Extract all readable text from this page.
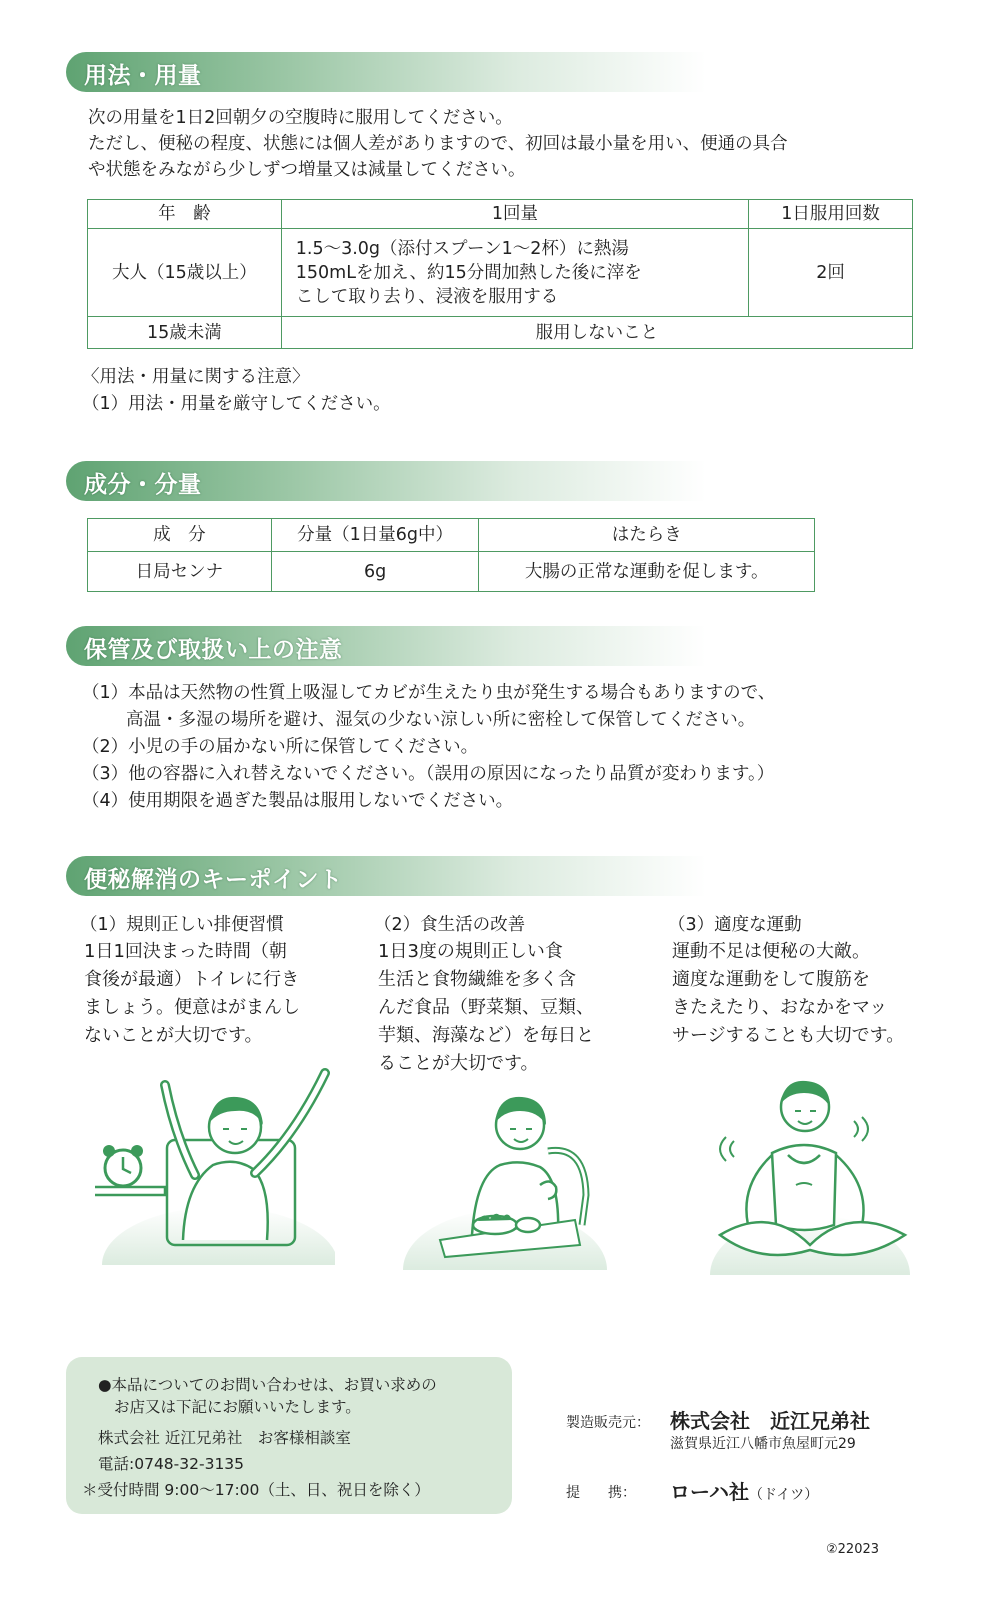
用法・用量
次の用量を1日2回朝夕の空腹時に服用してください。
ただし、便秘の程度、状態には個人差がありますので、初回は最小量を用い、便通の具合
や状態をみながら少しずつ増量又は減量してください。
年　齢	1回量	1日服用回数
大人（15歳以上）	1.5～3.0g（添付スプーン1～2杯）に熱湯
150mLを加え、約15分間加熱した後に滓を
こして取り去り、浸液を服用する	2回
15歳未満	服用しないこと	
〈用法・用量に関する注意〉
（1）用法・用量を厳守してください。
成分・分量
成　分	分量（1日量6g中）	はたらき
日局センナ	6g	大腸の正常な運動を促します。
保管及び取扱い上の注意
（1）本品は天然物の性質上吸湿してカビが生えたり虫が発生する場合もありますので、
高温・多湿の場所を避け、湿気の少ない涼しい所に密栓して保管してください。
（2）小児の手の届かない所に保管してください。
（3）他の容器に入れ替えないでください。（誤用の原因になったり品質が変わります。）
（4）使用期限を過ぎた製品は服用しないでください。
便秘解消のキーポイント
（1）規則正しい排便習慣
1日1回決まった時間（朝
食後が最適）トイレに行き
ましょう。便意はがまんし
ないことが大切です。
（2）食生活の改善
1日3度の規則正しい食
生活と食物繊維を多く含
んだ食品（野菜類、豆類、
芋類、海藻など）を毎日と
ることが大切です。
（3）適度な運動
運動不足は便秘の大敵。
適度な運動をして腹筋を
きたえたり、おなかをマッ
サージすることも大切です。
●本品についてのお問い合わせは、お買い求めの
お店又は下記にお願いいたします。
株式会社 近江兄弟社　お客様相談室
電話:0748-32-3135
＊受付時間 9:00～17:00（土、日、祝日を除く）
製造販売元： 株式会社　近江兄弟社
滋賀県近江八幡市魚屋町元29
提　　携： ローハ社（ドイツ）
②22023
